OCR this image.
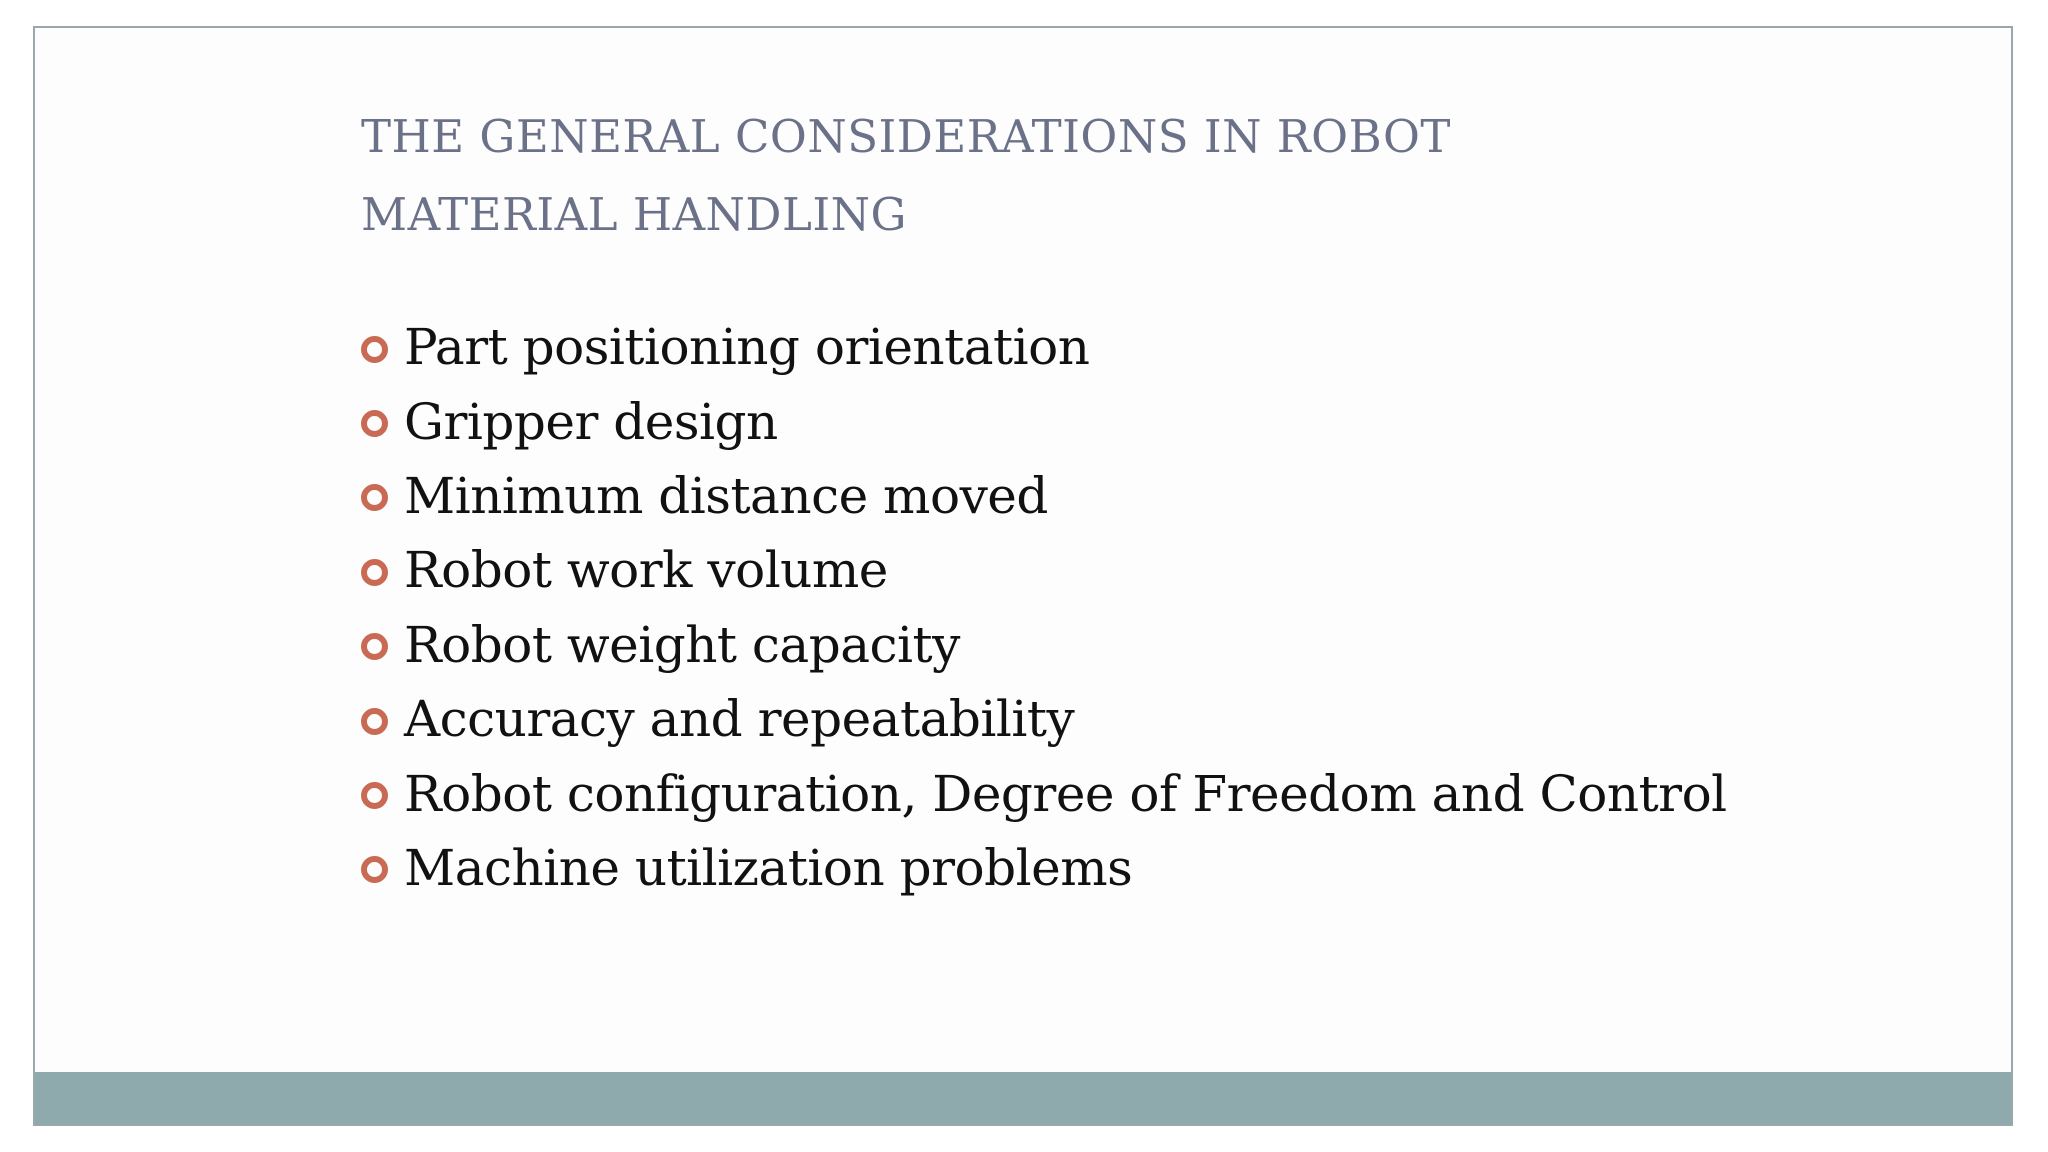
THE GENERAL CONSIDERATIONS IN ROBOT
MATERIAL HANDLING
Part positioning orientation
Gripper design
Minimum distance moved
Robot work volume
Robot weight capacity
Accuracy and repeatability
Robot configuration, Degree of Freedom and Control
Machine utilization problems
